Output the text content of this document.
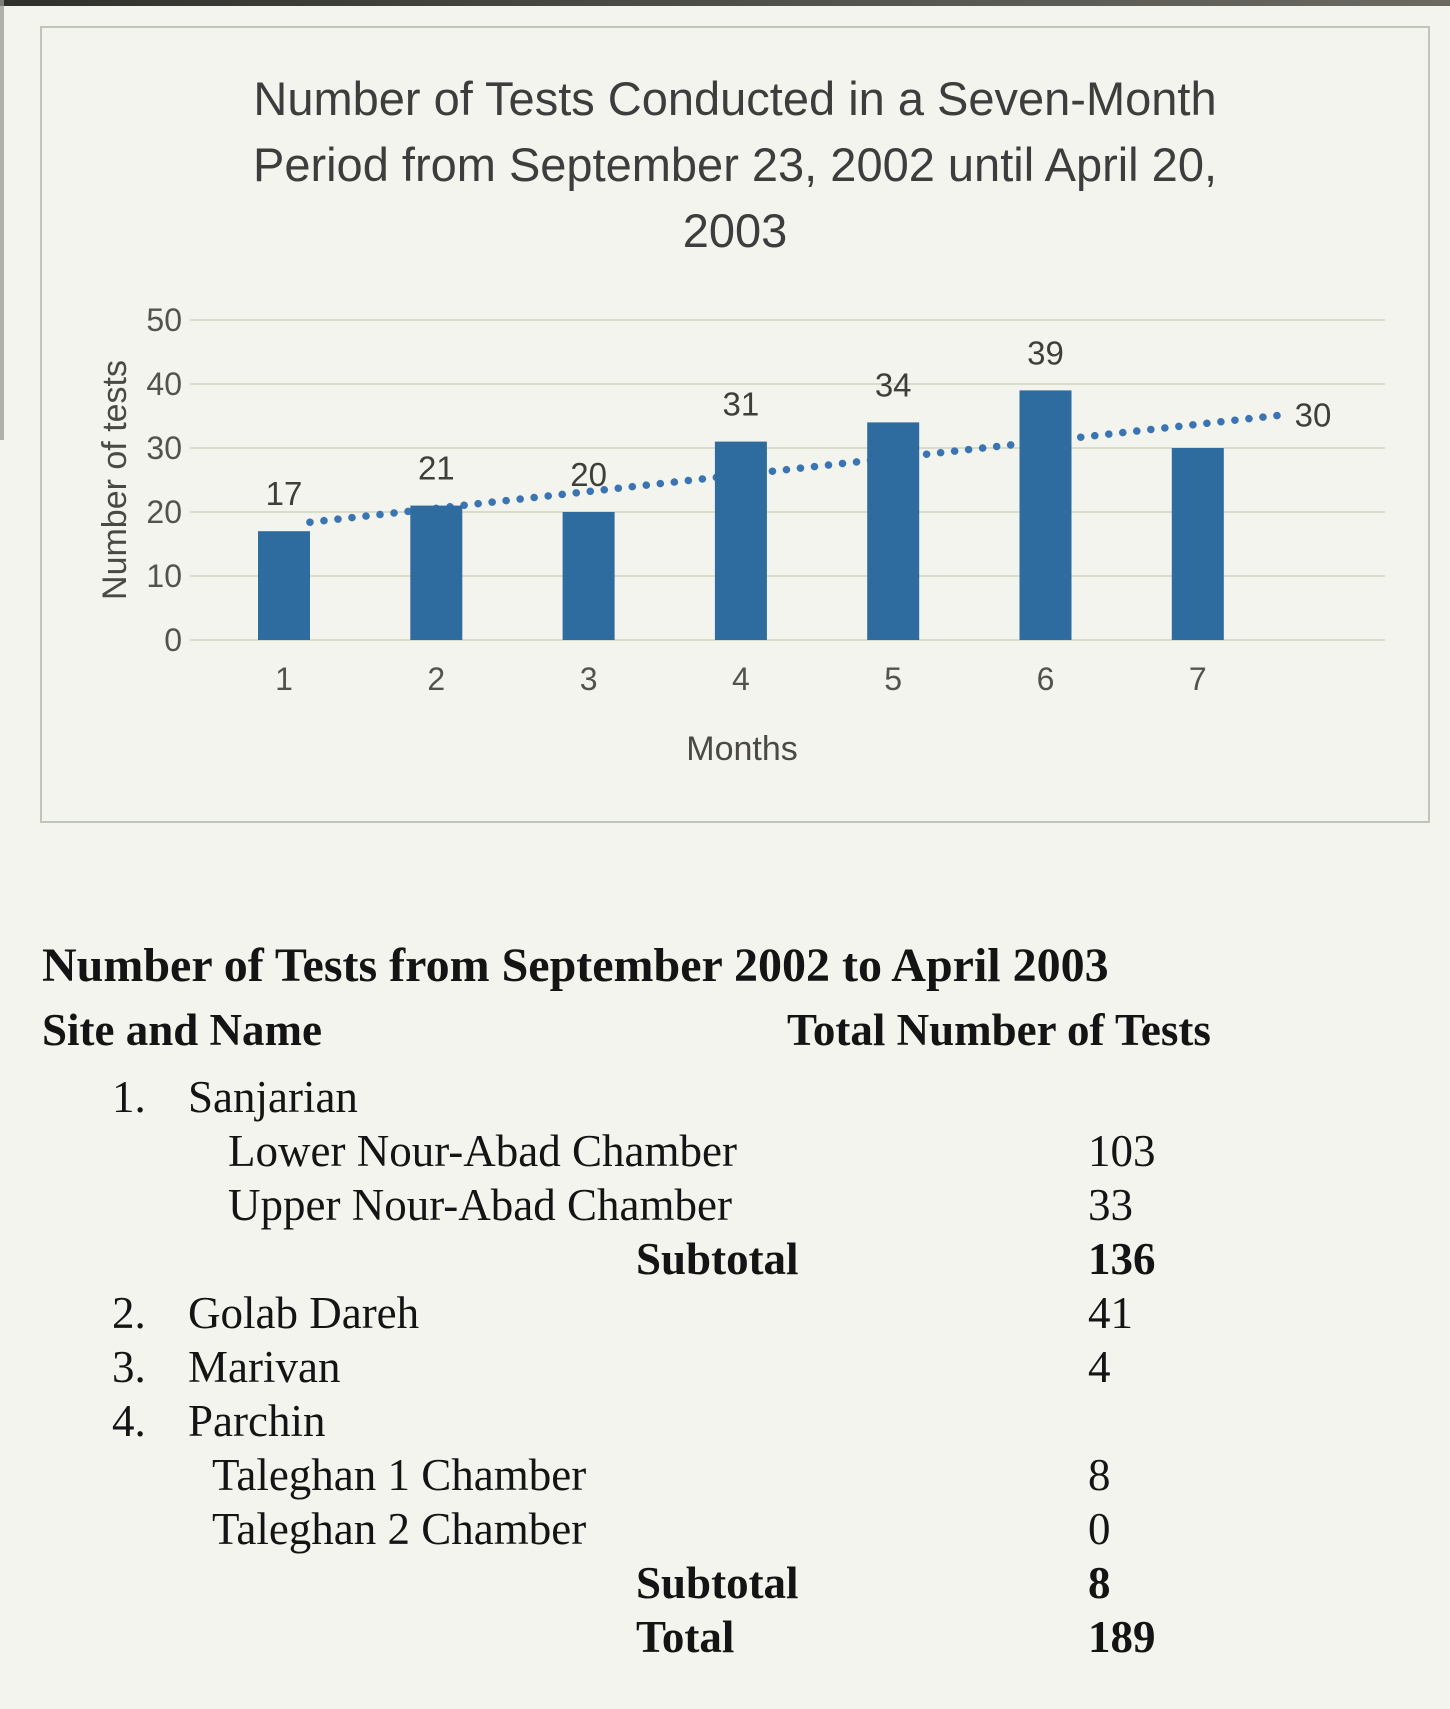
0
10
20
30
40
50
Number of tests	17
1
21
2
20
3
31
4
34
5
39
6
30
7
Months
Number of Tests Conducted in a Seven-Month
Period from September 23, 2002 until April 20,
2003
Number of Tests from September 2002 to April 2003
Site and Name	Total Number of Tests
1. Sanjarian
Lower Nour-Abad Chamber	103
Upper Nour-Abad Chamber	33
Subtotal	136
2. Golab Dareh	41
3. Marivan	4
4. Parchin
Taleghan 1 Chamber	8
Taleghan 2 Chamber	0
Subtotal	8
Total	189
